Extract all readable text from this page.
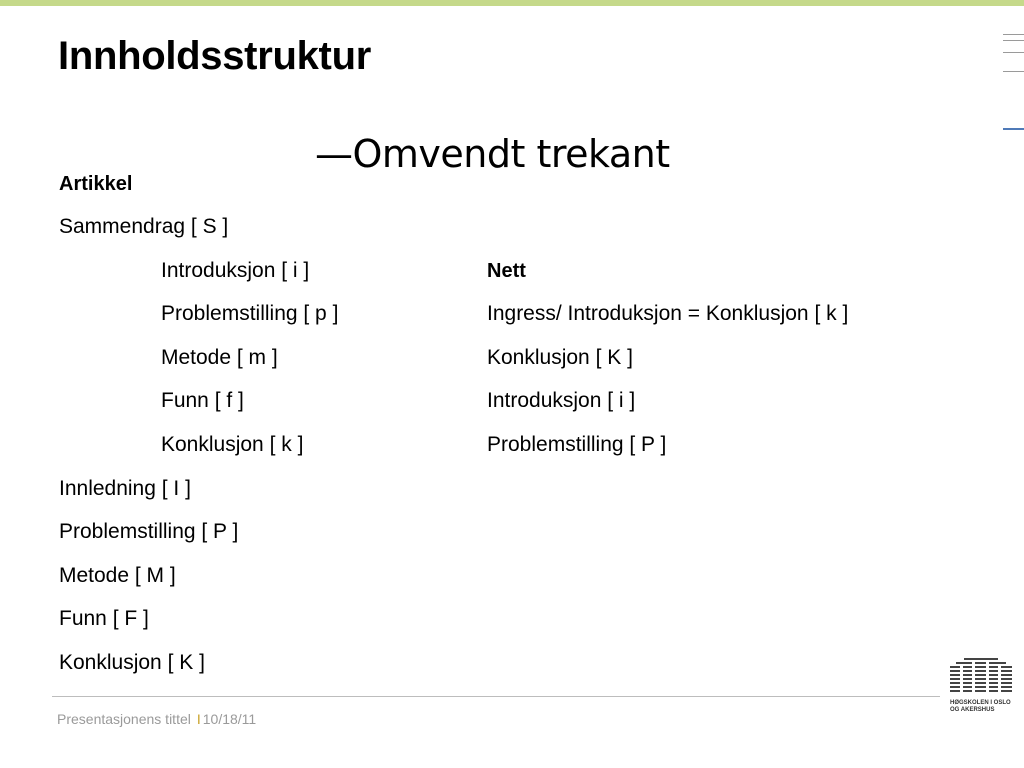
Innholdsstruktur
—Omvendt trekant
Artikkel
Sammendrag [ S ]
Introduksjon [ i ]
Problemstilling [ p ]
Metode [ m ]
Funn [ f ]
Konklusjon [ k ]
Innledning [ I ]
Problemstilling [ P ]
Metode [ M ]
Funn [ F ]
Konklusjon [ K ]
Nett
Ingress/ Introduksjon = Konklusjon [ k ]
Konklusjon [ K ]
Introduksjon [ i ]
Problemstilling [ P ]
Presentasjonens tittel I 10/18/11
HØGSKOLEN I OSLO
OG AKERSHUS
